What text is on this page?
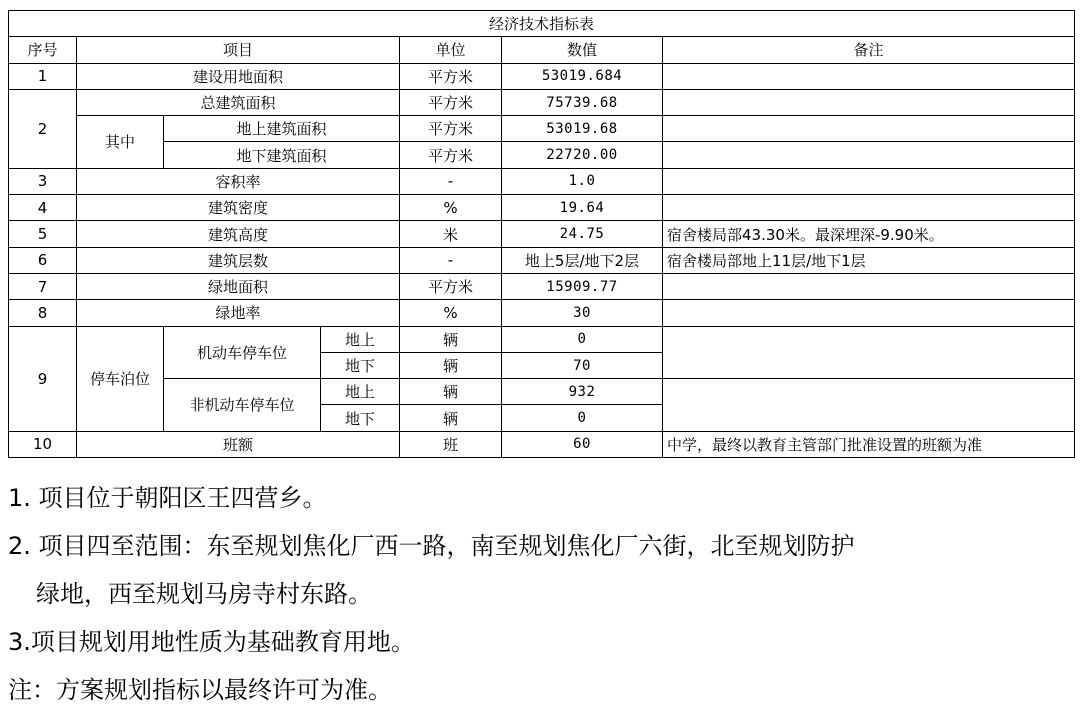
经济技术指标表						
序号	项目			单位	数值	备注
1	建设用地面积			平方米	53019.684	
2	总建筑面积			平方米	75739.68	
	其中	地上建筑面积		平方米	53019.68	
		地下建筑面积		平方米	22720.00	
3	容积率			-	1.0	
4	建筑密度			%	19.64	
5	建筑高度			米	24.75	宿舍楼局部43.30米。最深埋深-9.90米。
6	建筑层数			-	地上5层/地下2层	宿舍楼局部地上11层/地下1层
7	绿地面积			平方米	15909.77	
8	绿地率			%	30	
9	停车泊位	机动车停车位	地上	辆	0	
			地下	辆	70	
		非机动车停车位	地上	辆	932	
			地下	辆	0	
10	班额			班	60	中学，最终以教育主管部门批准设置的班额为准

1. 项目位于朝阳区王四营乡。

2. 项目四至范围：东至规划焦化厂西一路，南至规划焦化厂六街，北至规划防护

绿地，西至规划马房寺村东路。

3.项目规划用地性质为基础教育用地。

注：方案规划指标以最终许可为准。
